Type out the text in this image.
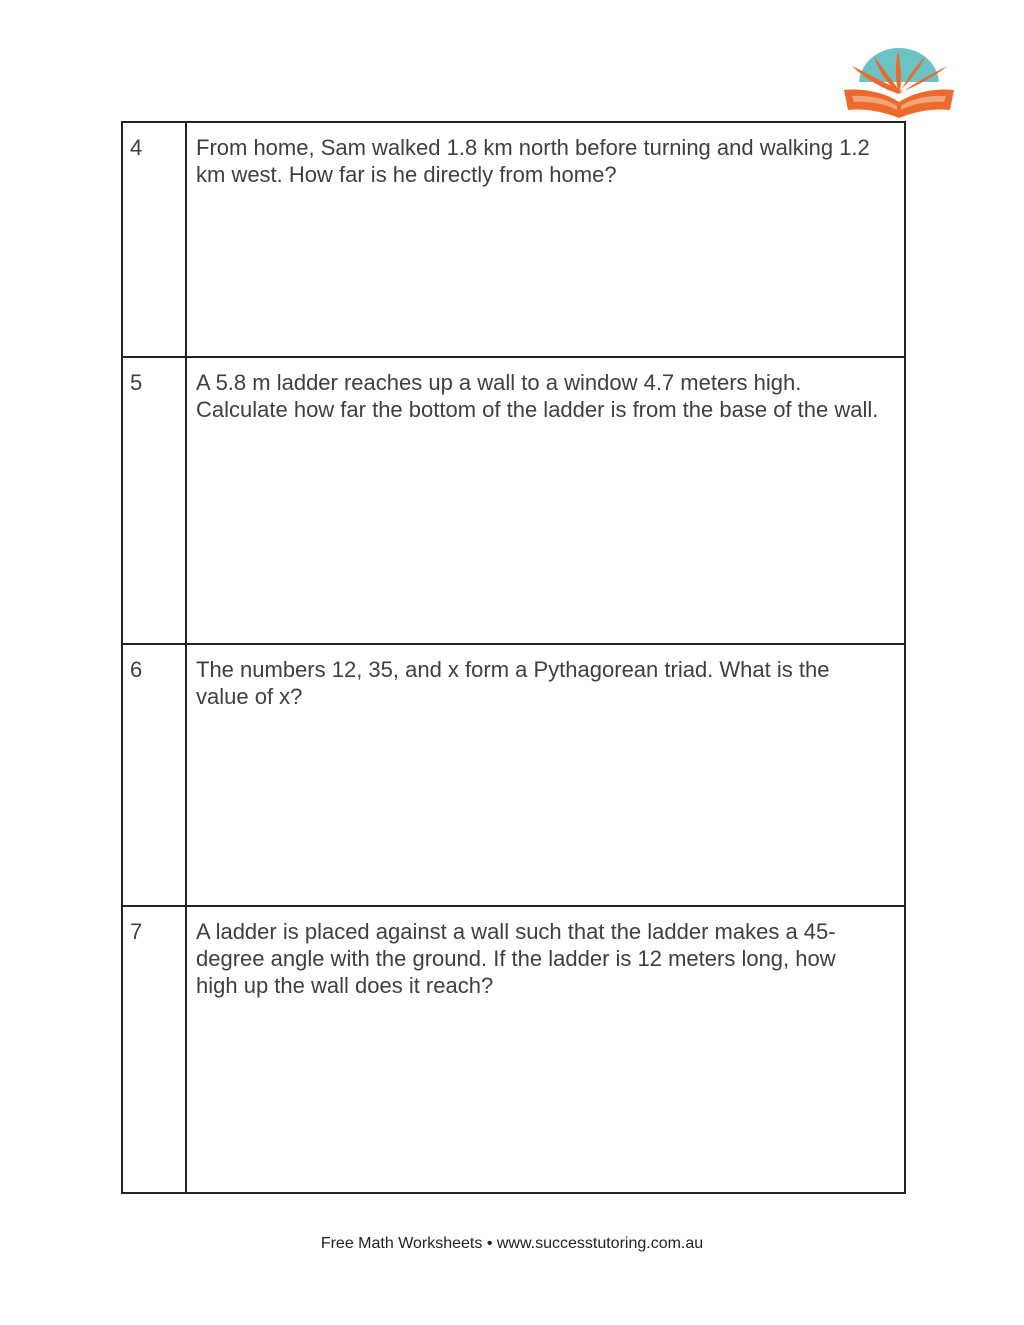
4	From home, Sam walked 1.8 km north before turning and walking 1.2 km west. How far is he directly from home?
5	A 5.8 m ladder reaches up a wall to a window 4.7 meters high. Calculate how far the bottom of the ladder is from the base of the wall.
6	The numbers 12, 35, and x form a Pythagorean triad. What is the value of x?
7	A ladder is placed against a wall such that the ladder makes a 45-degree angle with the ground. If the ladder is 12 meters long, how high up the wall does it reach?
Free Math Worksheets • www.successtutoring.com.au
